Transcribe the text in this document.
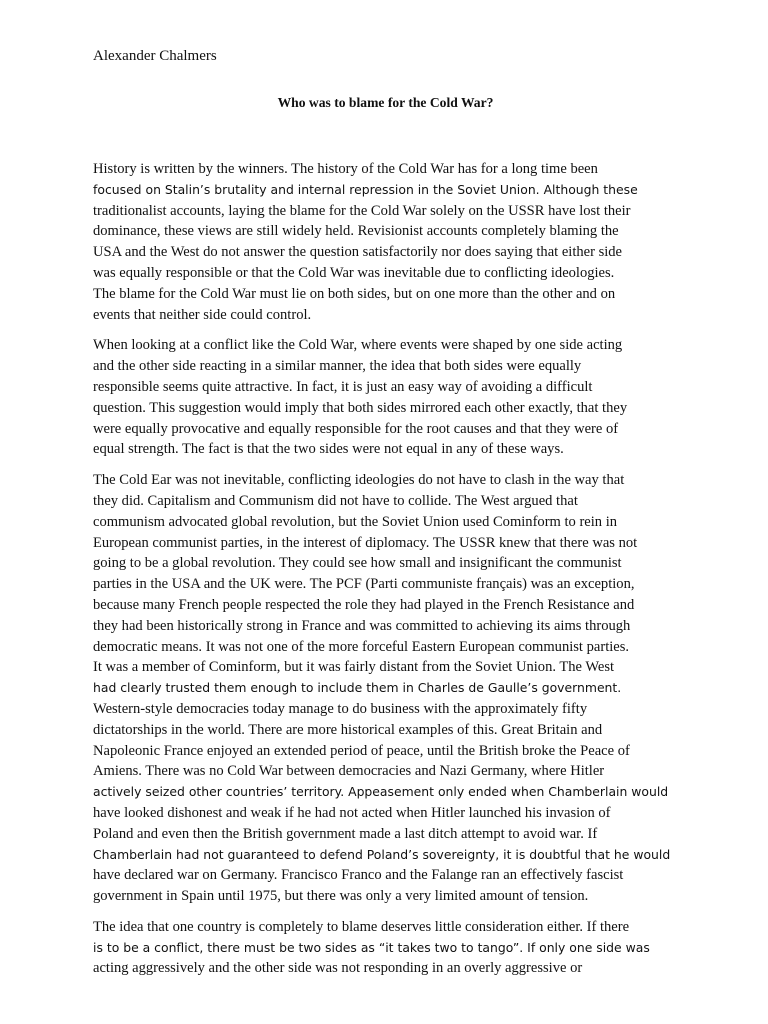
Alexander Chalmers
Who was to blame for the Cold War?
History is written by the winners. The history of the Cold War has for a long time been
focused on Stalin’s brutality and internal repression in the Soviet Union. Although these
traditionalist accounts, laying the blame for the Cold War solely on the USSR have lost their
dominance, these views are still widely held. Revisionist accounts completely blaming the
USA and the West do not answer the question satisfactorily nor does saying that either side
was equally responsible or that the Cold War was inevitable due to conflicting ideologies.
The blame for the Cold War must lie on both sides, but on one more than the other and on
events that neither side could control.
When looking at a conflict like the Cold War, where events were shaped by one side acting
and the other side reacting in a similar manner, the idea that both sides were equally
responsible seems quite attractive. In fact, it is just an easy way of avoiding a difficult
question. This suggestion would imply that both sides mirrored each other exactly, that they
were equally provocative and equally responsible for the root causes and that they were of
equal strength. The fact is that the two sides were not equal in any of these ways.
The Cold Ear was not inevitable, conflicting ideologies do not have to clash in the way that
they did. Capitalism and Communism did not have to collide. The West argued that
communism advocated global revolution, but the Soviet Union used Cominform to rein in
European communist parties, in the interest of diplomacy. The USSR knew that there was not
going to be a global revolution. They could see how small and insignificant the communist
parties in the USA and the UK were. The PCF (Parti communiste français) was an exception,
because many French people respected the role they had played in the French Resistance and
they had been historically strong in France and was committed to achieving its aims through
democratic means. It was not one of the more forceful Eastern European communist parties.
It was a member of Cominform, but it was fairly distant from the Soviet Union. The West
had clearly trusted them enough to include them in Charles de Gaulle’s government.
Western-style democracies today manage to do business with the approximately fifty
dictatorships in the world. There are more historical examples of this. Great Britain and
Napoleonic France enjoyed an extended period of peace, until the British broke the Peace of
Amiens. There was no Cold War between democracies and Nazi Germany, where Hitler
actively seized other countries’ territory. Appeasement only ended when Chamberlain would
have looked dishonest and weak if he had not acted when Hitler launched his invasion of
Poland and even then the British government made a last ditch attempt to avoid war. If
Chamberlain had not guaranteed to defend Poland’s sovereignty, it is doubtful that he would
have declared war on Germany. Francisco Franco and the Falange ran an effectively fascist
government in Spain until 1975, but there was only a very limited amount of tension.
The idea that one country is completely to blame deserves little consideration either. If there
is to be a conflict, there must be two sides as “it takes two to tango”. If only one side was
acting aggressively and the other side was not responding in an overly aggressive or
